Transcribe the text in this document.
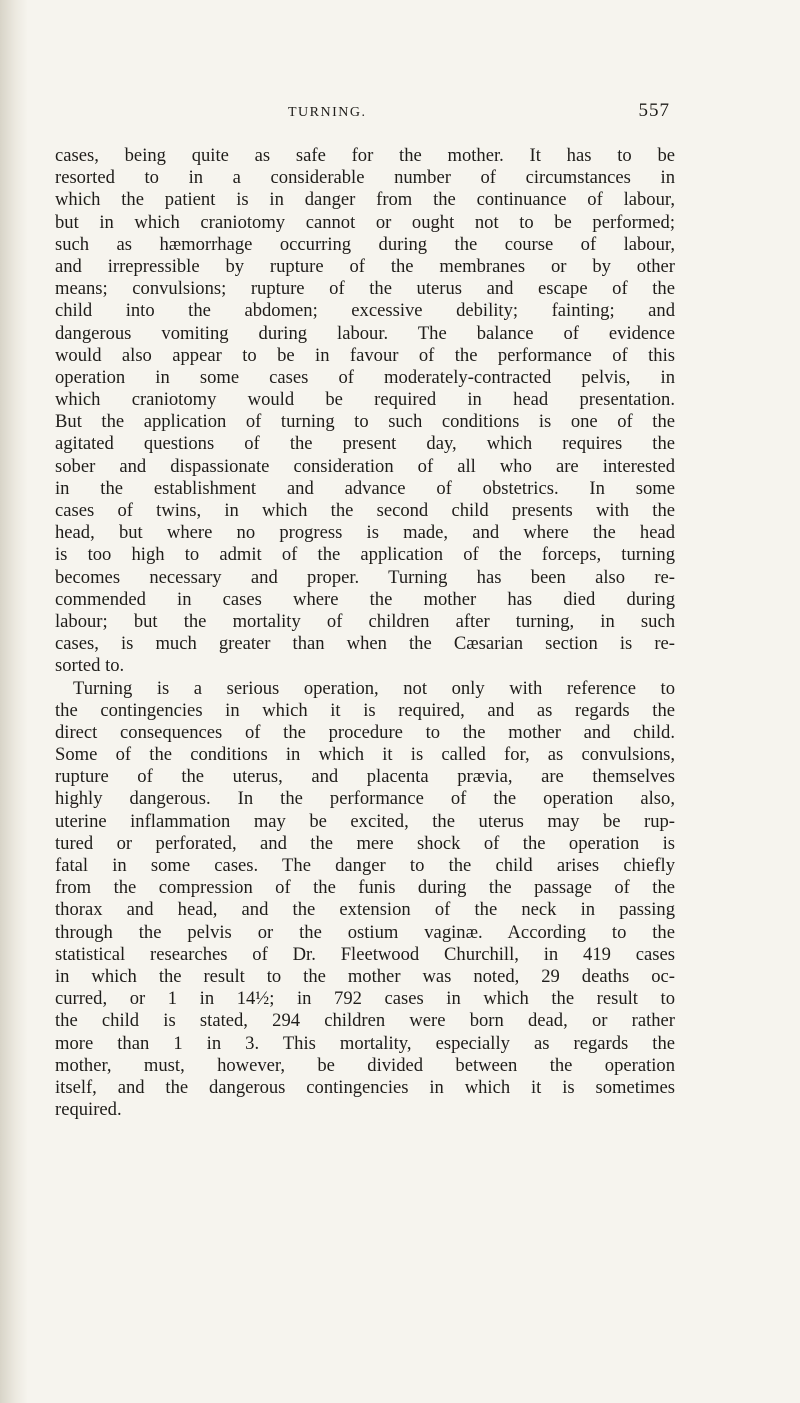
TURNING.	557
cases, being quite as safe for the mother. It has to be
resorted to in a considerable number of circumstances in
which the patient is in danger from the continuance of labour,
but in which craniotomy cannot or ought not to be performed;
such as hæmorrhage occurring during the course of labour,
and irrepressible by rupture of the membranes or by other
means; convulsions; rupture of the uterus and escape of the
child into the abdomen; excessive debility; fainting; and
dangerous vomiting during labour. The balance of evidence
would also appear to be in favour of the performance of this
operation in some cases of moderately-contracted pelvis, in
which craniotomy would be required in head presentation.
But the application of turning to such conditions is one of the
agitated questions of the present day, which requires the
sober and dispassionate consideration of all who are interested
in the establishment and advance of obstetrics. In some
cases of twins, in which the second child presents with the
head, but where no progress is made, and where the head
is too high to admit of the application of the forceps, turning
becomes necessary and proper. Turning has been also re-
commended in cases where the mother has died during
labour; but the mortality of children after turning, in such
cases, is much greater than when the Cæsarian section is re-
sorted to.
Turning is a serious operation, not only with reference to
the contingencies in which it is required, and as regards the
direct consequences of the procedure to the mother and child.
Some of the conditions in which it is called for, as convulsions,
rupture of the uterus, and placenta prævia, are themselves
highly dangerous. In the performance of the operation also,
uterine inflammation may be excited, the uterus may be rup-
tured or perforated, and the mere shock of the operation is
fatal in some cases. The danger to the child arises chiefly
from the compression of the funis during the passage of the
thorax and head, and the extension of the neck in passing
through the pelvis or the ostium vaginæ. According to the
statistical researches of Dr. Fleetwood Churchill, in 419 cases
in which the result to the mother was noted, 29 deaths oc-
curred, or 1 in 14½; in 792 cases in which the result to
the child is stated, 294 children were born dead, or rather
more than 1 in 3. This mortality, especially as regards the
mother, must, however, be divided between the operation
itself, and the dangerous contingencies in which it is sometimes
required.
